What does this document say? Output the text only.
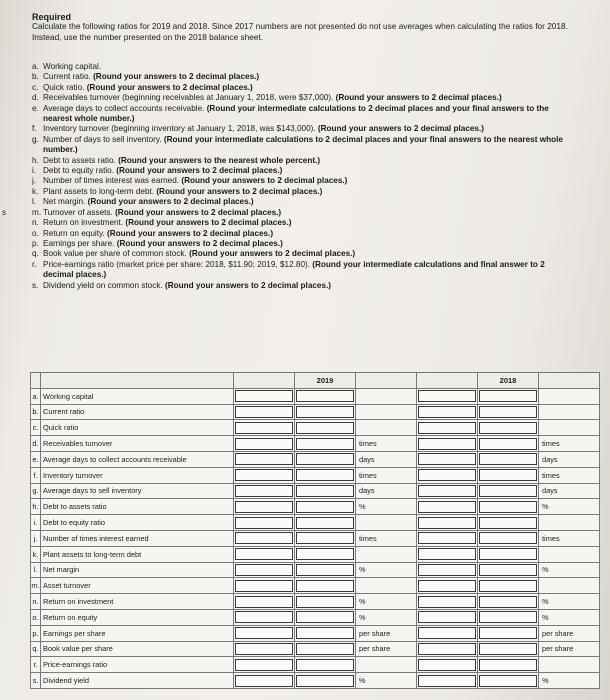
Required
Calculate the following ratios for 2019 and 2018. Since 2017 numbers are not presented do not use averages when calculating the ratios for 2018. Instead, use the number presented on the 2018 balance sheet.
a. Working capital.
b. Current ratio. (Round your answers to 2 decimal places.)
c. Quick ratio. (Round your answers to 2 decimal places.)
d. Receivables turnover (beginning receivables at January 1, 2018, were $37,000). (Round your answers to 2 decimal places.)
e. Average days to collect accounts receivable. (Round your intermediate calculations to 2 decimal places and your final answers to the nearest whole number.)
f. Inventory turnover (beginning inventory at January 1, 2018, was $143,000). (Round your answers to 2 decimal places.)
g. Number of days to sell inventory. (Round your intermediate calculations to 2 decimal places and your final answers to the nearest whole number.)
h. Debt to assets ratio. (Round your answers to the nearest whole percent.)
i. Debt to equity ratio. (Round your answers to 2 decimal places.)
j. Number of times interest was earned. (Round your answers to 2 decimal places.)
k. Plant assets to long-term debt. (Round your answers to 2 decimal places.)
l. Net margin. (Round your answers to 2 decimal places.)
m. Turnover of assets. (Round your answers to 2 decimal places.)
n. Return on investment. (Round your answers to 2 decimal places.)
o. Return on equity. (Round your answers to 2 decimal places.)
p. Earnings per share. (Round your answers to 2 decimal places.)
q. Book value per share of common stock. (Round your answers to 2 decimal places.)
r. Price-earnings ratio (market price per share: 2018, $11.90; 2019, $12.80). (Round your intermediate calculations and final answer to 2 decimal places.)
s. Dividend yield on common stock. (Round your answers to 2 decimal places.)
s
			2019			2018	
a.	Working capital	

b.	Current ratio	

c.	Quick ratio	

d.	Receivables turnover			times			times
e.	Average days to collect accounts receivable			days			days
f.	Inventory turnover			times			times
g.	Average days to sell inventory			days			days
h.	Debt to assets ratio			%			%
i.	Debt to equity ratio	

j.	Number of times interest earned			times			times
k.	Plant assets to long-term debt	

l.	Net margin			%			%
m.	Asset turnover	

n.	Return on investment			%			%
o.	Return on equity			%			%
p.	Earnings per share			per share			per share
q.	Book value per share			per share			per share
r.	Price-earnings ratio	

s.	Dividend yield			%			%
